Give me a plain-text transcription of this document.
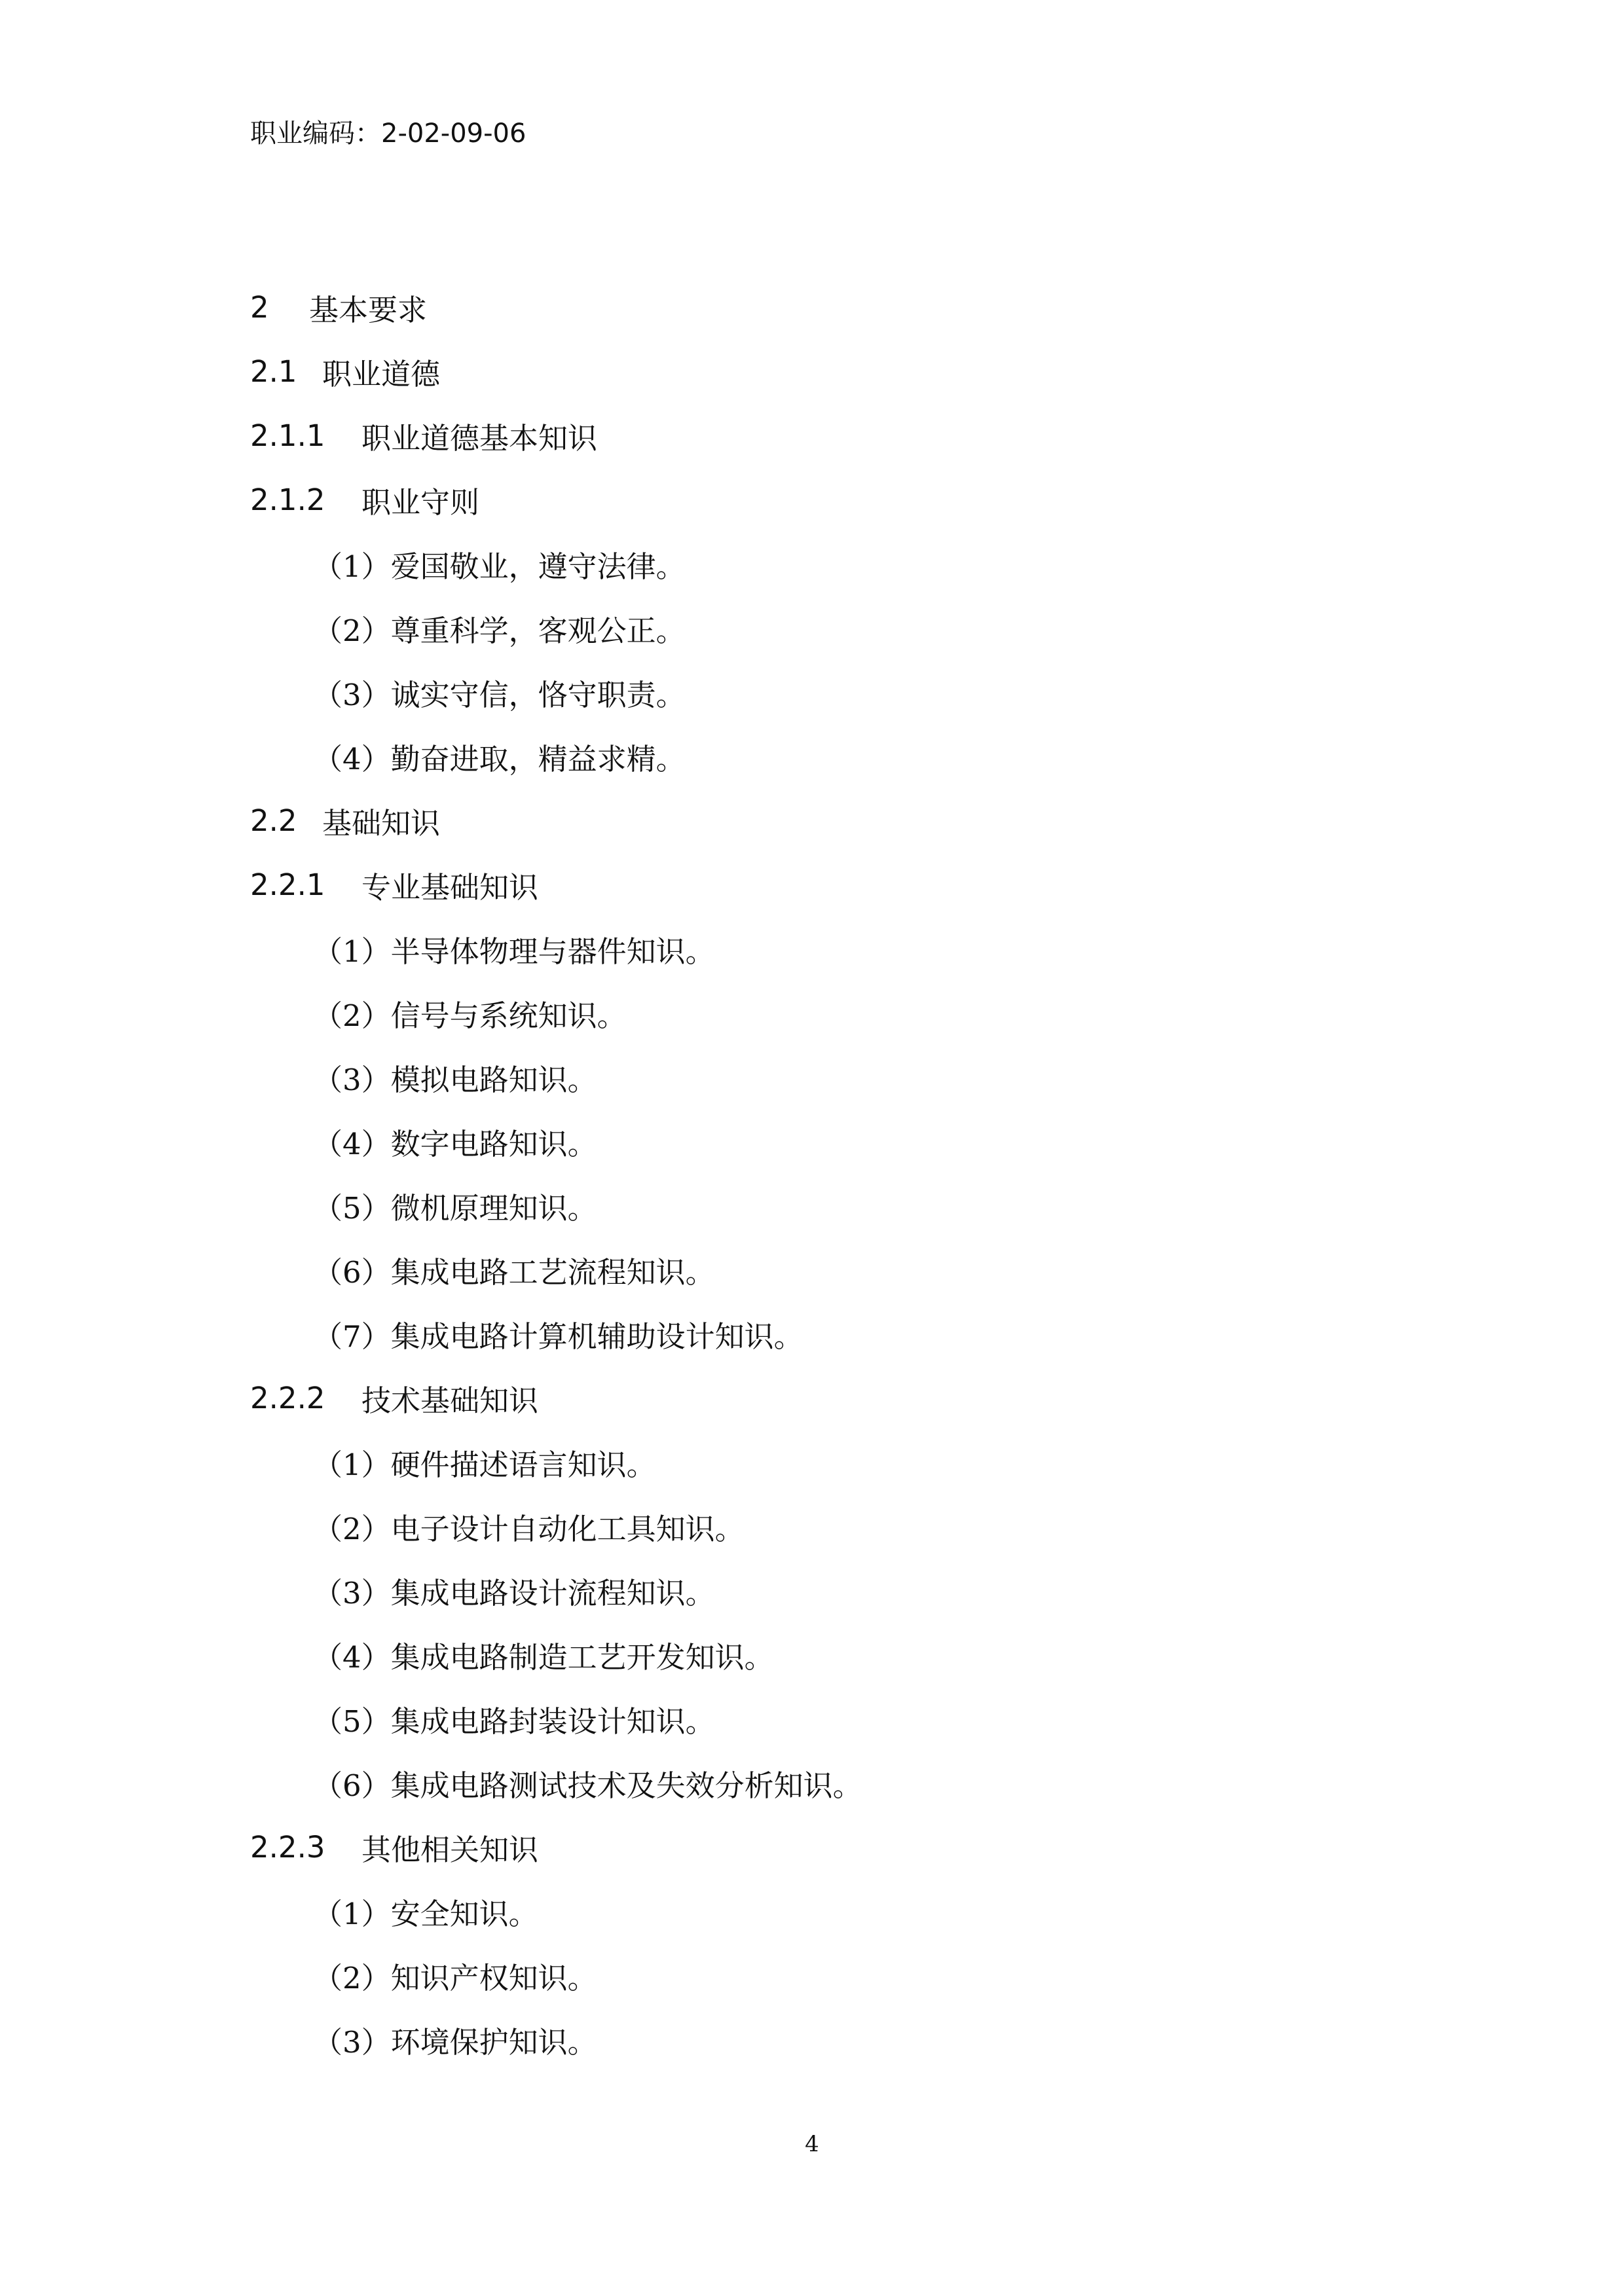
职业编码：2-02-09-06
2	基本要求
2.1 职业道德
2.1.1	职业道德基本知识
2.1.2	职业守则
（1）爱国敬业，遵守法律。
（2）尊重科学，客观公正。
（3）诚实守信，恪守职责。
（4）勤奋进取，精益求精。
2.2 基础知识
2.2.1	专业基础知识
（1）半导体物理与器件知识。
（2）信号与系统知识。
（3）模拟电路知识。
（4）数字电路知识。
（5）微机原理知识。
（6）集成电路工艺流程知识。
（7）集成电路计算机辅助设计知识。
2.2.2	技术基础知识
（1）硬件描述语言知识。
（2）电子设计自动化工具知识。
（3）集成电路设计流程知识。
（4）集成电路制造工艺开发知识。
（5）集成电路封装设计知识。
（6）集成电路测试技术及失效分析知识。
2.2.3	其他相关知识
（1）安全知识。
（2）知识产权知识。
（3）环境保护知识。
4
